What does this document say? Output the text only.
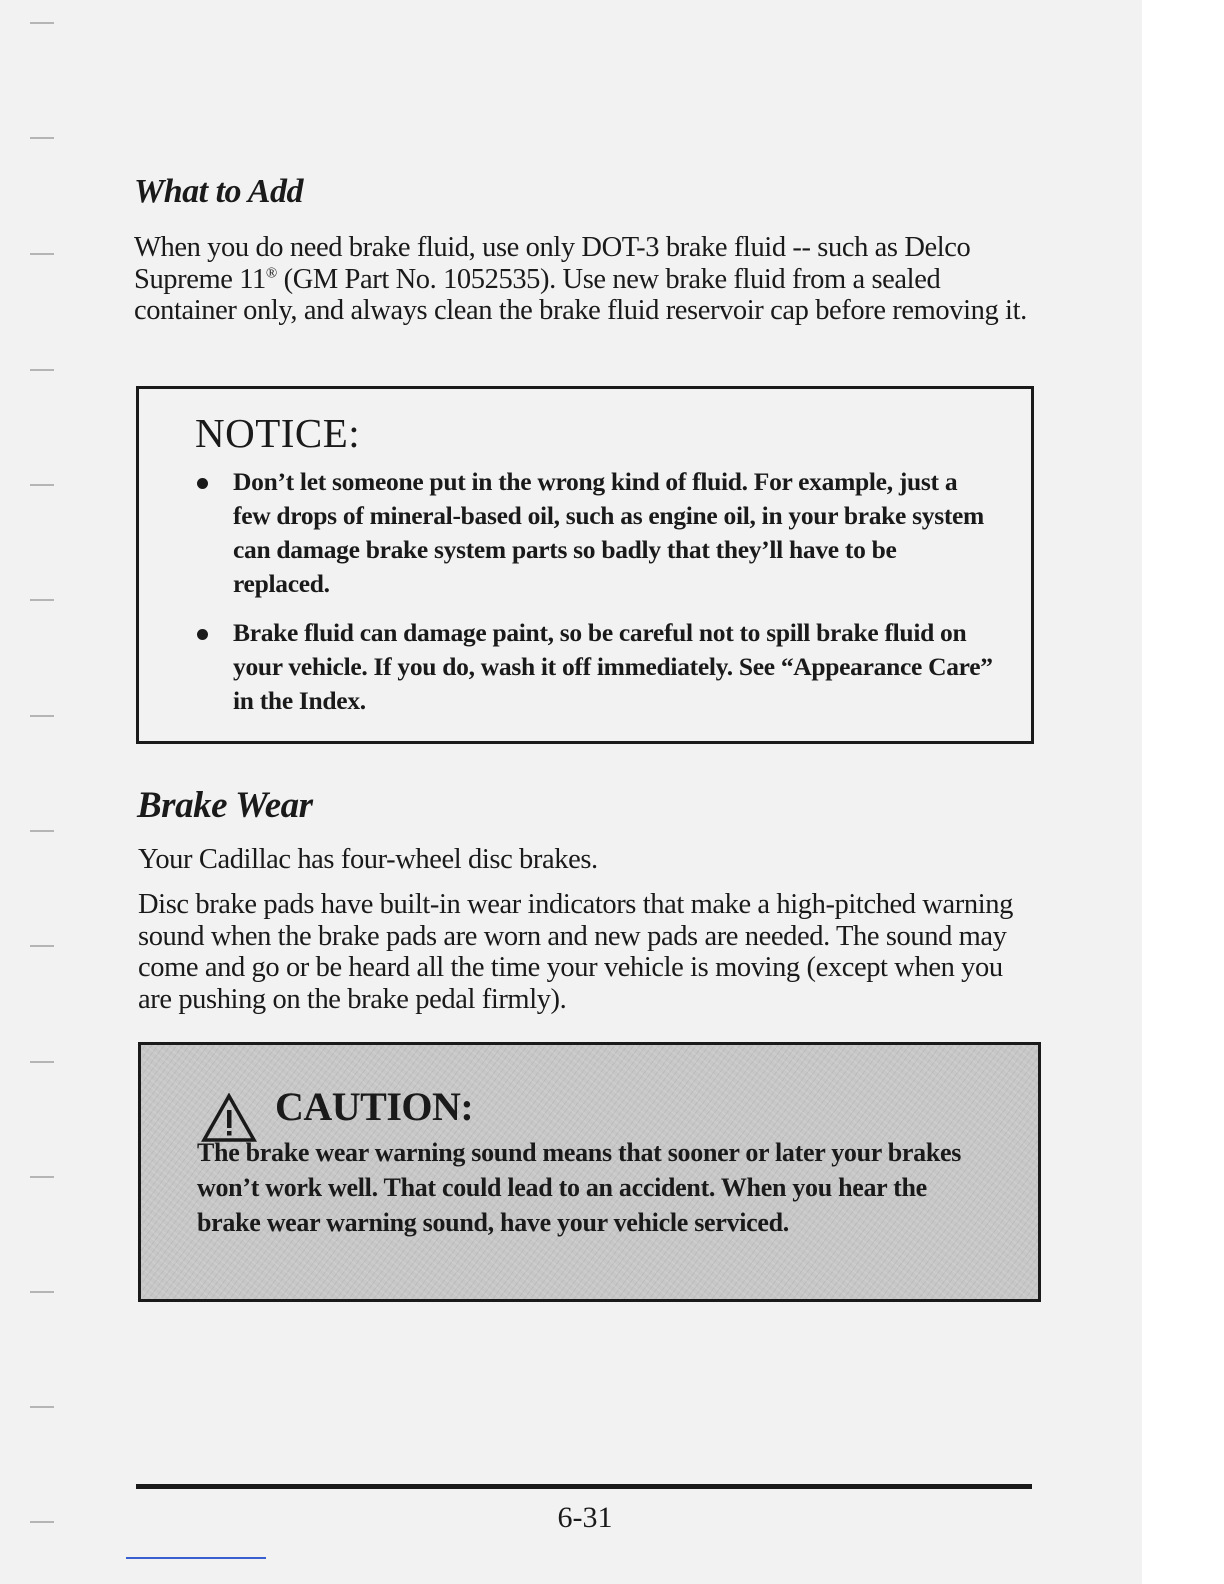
What to Add

When you do need brake fluid, use only DOT-3 brake fluid -- such as Delco Supreme 11® (GM Part No. 1052535). Use new brake fluid from a sealed container only, and always clean the brake fluid reservoir cap before removing it.

NOTICE:
Don’t let someone put in the wrong kind of fluid. For example, just a few drops of mineral-based oil, such as engine oil, in your brake system can damage brake system parts so badly that they’ll have to be replaced.
Brake fluid can damage paint, so be careful not to spill brake fluid on your vehicle. If you do, wash it off immediately. See “Appearance Care” in the Index.
Brake Wear

Your Cadillac has four-wheel disc brakes.

Disc brake pads have built-in wear indicators that make a high-pitched warning sound when the brake pads are worn and new pads are needed. The sound may come and go or be heard all the time your vehicle is moving (except when you are pushing on the brake pedal firmly).

CAUTION:

The brake wear warning sound means that sooner or later your brakes won’t work well. That could lead to an accident. When you hear the brake wear warning sound, have your vehicle serviced.

6-31
